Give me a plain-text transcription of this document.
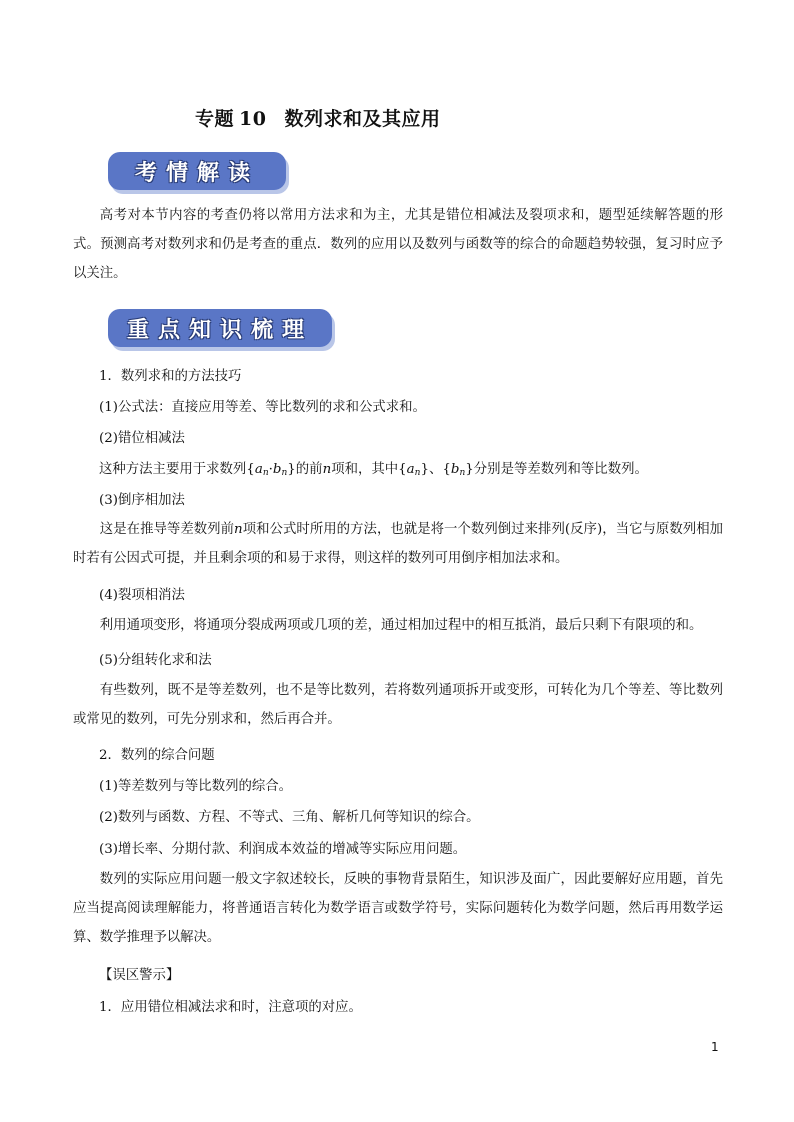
专题 10 数列求和及其应用
考情解读
高考对本节内容的考查仍将以常用方法求和为主，尤其是错位相减法及裂项求和，题型延续解答题的形式。预测高考对数列求和仍是考查的重点．数列的应用以及数列与函数等的综合的命题趋势较强，复习时应予以关注。
重点知识梳理
1．数列求和的方法技巧
(1)公式法：直接应用等差、等比数列的求和公式求和。
(2)错位相减法
这种方法主要用于求数列$\{a_n\cdot b_n\}$的前n项和，其中$\{a_n\}$、$\{b_n\}$分别是等差数列和等比数列。
(3)倒序相加法
这是在推导等差数列前n项和公式时所用的方法，也就是将一个数列倒过来排列(反序)，当它与原数列相加时若有公因式可提，并且剩余项的和易于求得，则这样的数列可用倒序相加法求和。
(4)裂项相消法
利用通项变形，将通项分裂成两项或几项的差，通过相加过程中的相互抵消，最后只剩下有限项的和。
(5)分组转化求和法
有些数列，既不是等差数列，也不是等比数列，若将数列通项拆开或变形，可转化为几个等差、等比数列或常见的数列，可先分别求和，然后再合并。
2．数列的综合问题
(1)等差数列与等比数列的综合。
(2)数列与函数、方程、不等式、三角、解析几何等知识的综合。
(3)增长率、分期付款、利润成本效益的增减等实际应用问题。
数列的实际应用问题一般文字叙述较长，反映的事物背景陌生，知识涉及面广，因此要解好应用题，首先应当提高阅读理解能力，将普通语言转化为数学语言或数学符号，实际问题转化为数学问题，然后再用数学运算、数学推理予以解决。
【误区警示】
1．应用错位相减法求和时，注意项的对应。
1
